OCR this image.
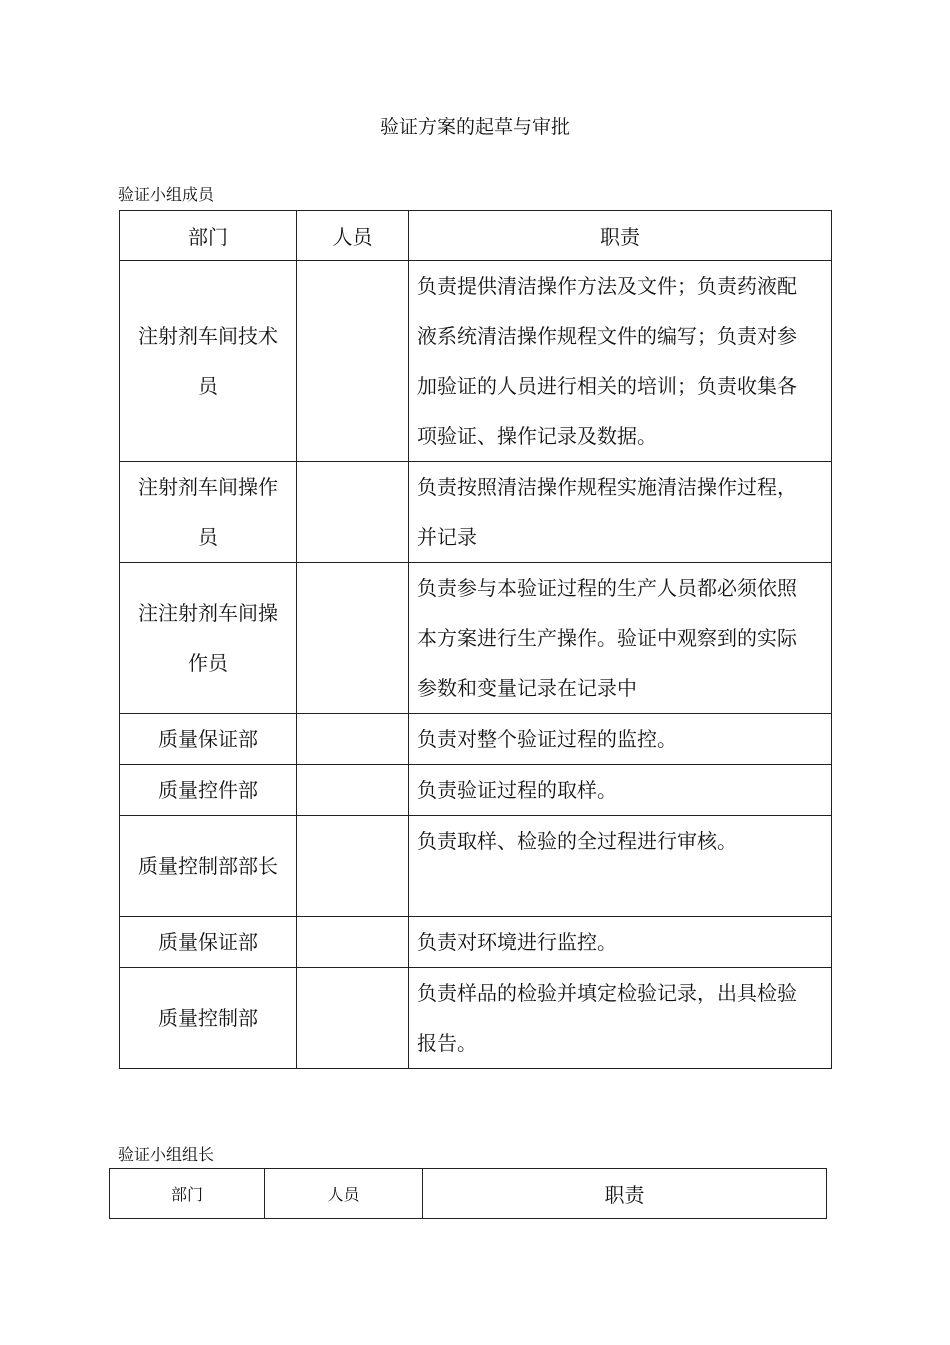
验证方案的起草与审批
验证小组成员
部门	人员	职责
注射剂车间技术员		负责提供清洁操作方法及文件；负责药液配液系统清洁操作规程文件的编写；负责对参加验证的人员进行相关的培训；负责收集各项验证、操作记录及数据。
注射剂车间操作员		负责按照清洁操作规程实施清洁操作过程，并记录
注注射剂车间操作员		负责参与本验证过程的生产人员都必须依照本方案进行生产操作。验证中观察到的实际参数和变量记录在记录中
质量保证部		负责对整个验证过程的监控。
质量控件部		负责验证过程的取样。
质量控制部部长		负责取样、检验的全过程进行审核。
质量保证部		负责对环境进行监控。
质量控制部		负责样品的检验并填定检验记录，出具检验报告。
验证小组组长
部门	人员	职责
